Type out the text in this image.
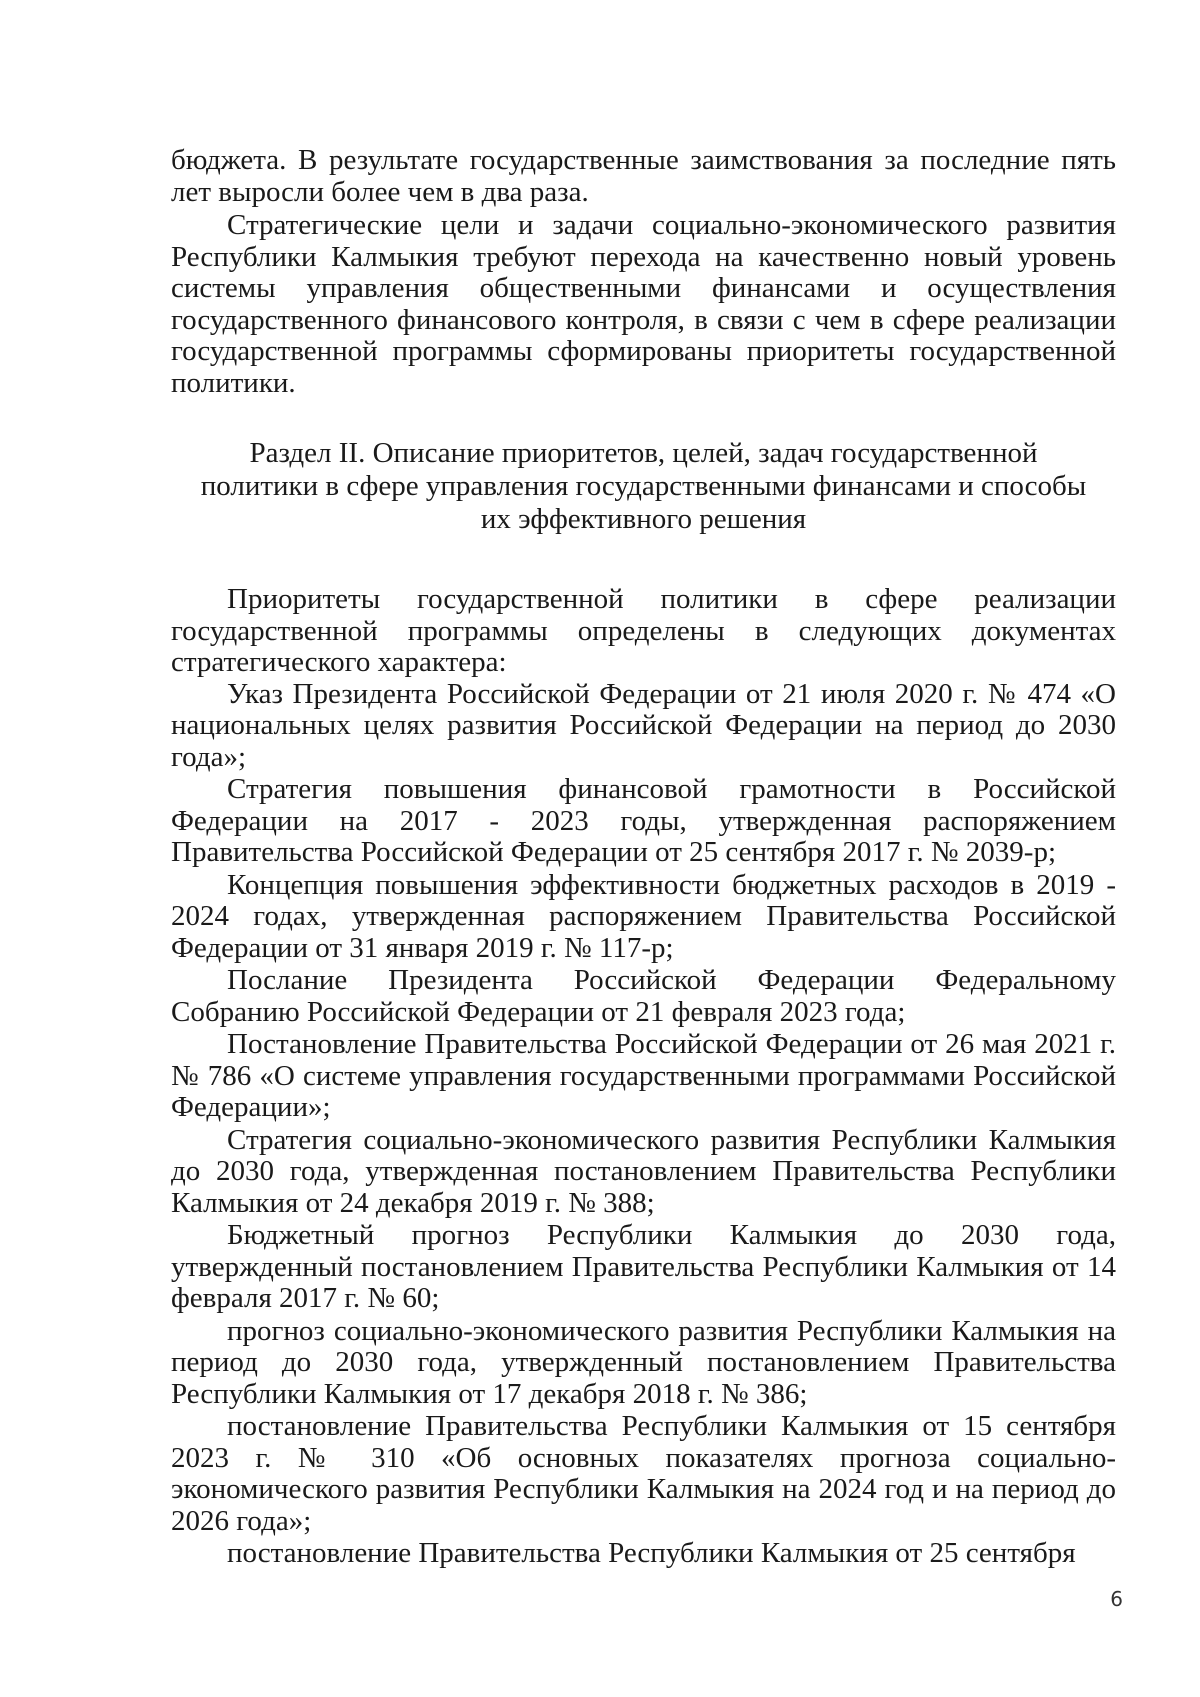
бюджета. В результате государственные заимствования за последние пять лет выросли более чем в два раза.

Стратегические цели и задачи социально-экономического развития Республики Калмыкия требуют перехода на качественно новый уровень системы управления общественными финансами и осуществления государственного финансового контроля, в связи с чем в сфере реализации государственной программы сформированы приоритеты государственной политики.

Раздел II. Описание приоритетов, целей, задач государственной
политики в сфере управления государственными финансами и способы
их эффективного решения

Приоритеты государственной политики в сфере реализации государственной программы определены в следующих документах стратегического характера:

Указ Президента Российской Федерации от 21 июля 2020 г. № 474 «О национальных целях развития Российской Федерации на период до 2030 года»;

Стратегия повышения финансовой грамотности в Российской Федерации на 2017 - 2023 годы, утвержденная распоряжением Правительства Российской Федерации от 25 сентября 2017 г. № 2039-р;

Концепция повышения эффективности бюджетных расходов в 2019 - 2024 годах, утвержденная распоряжением Правительства Российской Федерации от 31 января 2019 г. № 117-р;

Послание Президента Российской Федерации Федеральному Собранию Российской Федерации от 21 февраля 2023 года;

Постановление Правительства Российской Федерации от 26 мая 2021 г. № 786 «О системе управления государственными программами Российской Федерации»;

Стратегия социально-экономического развития Республики Калмыкия до 2030 года, утвержденная постановлением Правительства Республики Калмыкия от 24 декабря 2019 г. № 388;

Бюджетный прогноз Республики Калмыкия до 2030 года, утвержденный постановлением Правительства Республики Калмыкия от 14 февраля 2017 г. № 60;

прогноз социально-экономического развития Республики Калмыкия на период до 2030 года, утвержденный постановлением Правительства Республики Калмыкия от 17 декабря 2018 г. № 386;

постановление Правительства Республики Калмыкия от 15 сентября 2023 г. № 310 «Об основных показателях прогноза социально-экономического развития Республики Калмыкия на 2024 год и на период до 2026 года»;

постановление Правительства Республики Калмыкия от 25 сентября

6
